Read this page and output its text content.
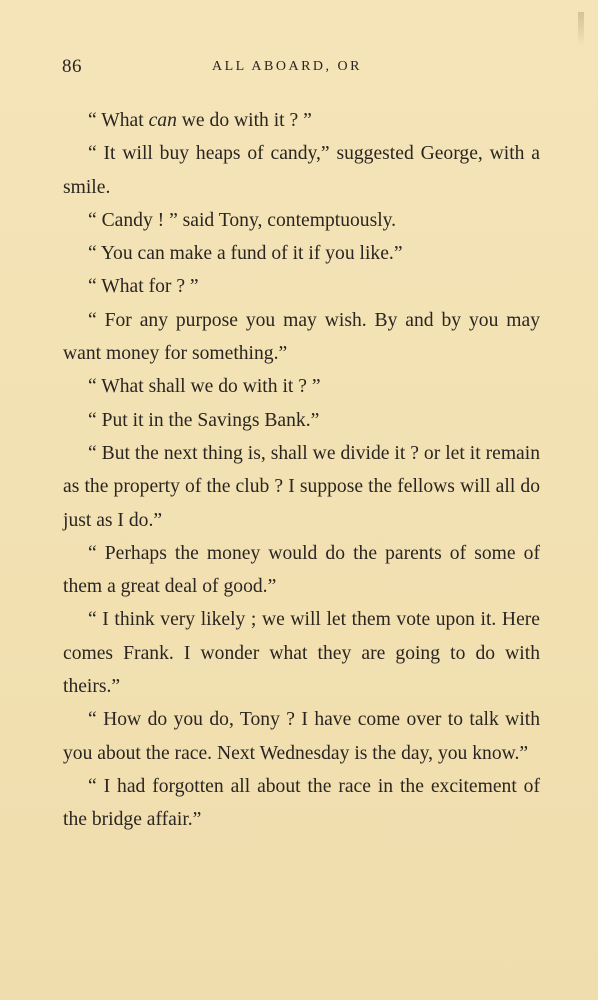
86	ALL ABOARD, OR

“ What can we do with it ? ”

“ It will buy heaps of candy,” suggested George, with a smile.

“ Candy ! ” said Tony, contemptuously.

“ You can make a fund of it if you like.”

“ What for ? ”

“ For any purpose you may wish. By and by you may want money for something.”

“ What shall we do with it ? ”

“ Put it in the Savings Bank.”

“ But the next thing is, shall we divide it ? or let it remain as the property of the club ? I suppose the fellows will all do just as I do.”

“ Perhaps the money would do the parents of some of them a great deal of good.”

“ I think very likely ; we will let them vote upon it. Here comes Frank. I wonder what they are going to do with theirs.”

“ How do you do, Tony ? I have come over to talk with you about the race. Next Wednesday is the day, you know.”

“ I had forgotten all about the race in the excitement of the bridge affair.”
